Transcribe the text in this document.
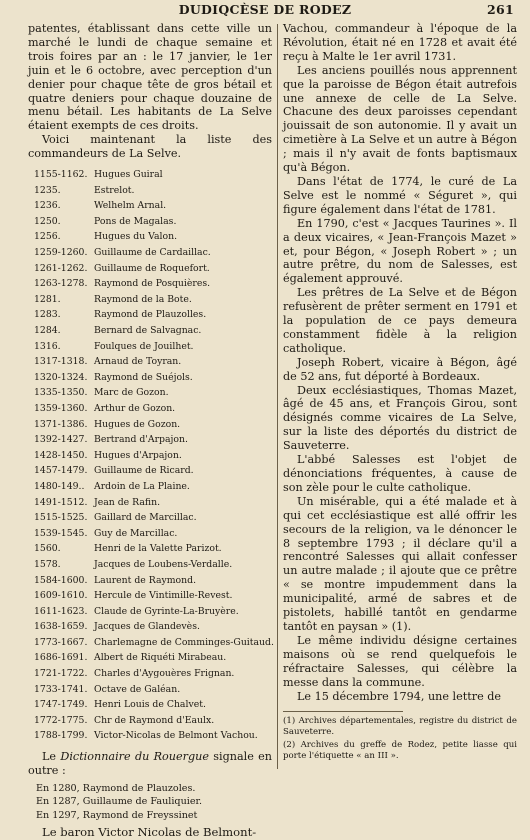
DUDIQCÈSE DE RODEZ	261

patentes, établissant dans cette ville un marché le lundi de chaque semaine et trois foires par an : le 17 janvier, le 1er juin et le 6 octobre, avec perception d'un denier pour chaque tête de gros bétail et quatre deniers pour chaque douzaine de menu bétail. Les habitants de La Selve étaient exempts de ces droits.

Voici maintenant la liste des commandeurs de La Selve.

1155-1162. Hugues Guiral
1235.	Estrelot.
1236.	Welhelm Arnal.
1250.	Pons de Magalas.
1256.	Hugues du Valon.
1259-1260. Guillaume de Cardaillac.
1261-1262. Guillaume de Roquefort.
1263-1278. Raymond de Posquières.
1281.	Raymond de la Bote.
1283.	Raymond de Plauzolles.
1284.	Bernard de Salvagnac.
1316.	Foulques de Jouilhet.
1317-1318. Arnaud de Toyran.
1320-1324. Raymond de Suéjols.
1335-1350. Marc de Gozon.
1359-1360. Arthur de Gozon.
1371-1386. Hugues de Gozon.
1392-1427. Bertrand d'Arpajon.
1428-1450. Hugues d'Arpajon.
1457-1479. Guillaume de Ricard.
1480-149..	Ardoin de La Plaine.
1491-1512. Jean de Rafin.
1515-1525. Gaillard de Marcillac.
1539-1545. Guy de Marcillac.
1560.	Henri de la Valette Parizot.
1578.	Jacques de Loubens-Verdalle.
1584-1600. Laurent de Raymond.
1609-1610. Hercule de Vintimille-Revest.
1611-1623. Claude de Gyrinte-La-Bruyère.
1638-1659. Jacques de Glandevès.
1773-1667. Charlemagne de Comminges-Guitaud.
1686-1691. Albert de Riquéti Mirabeau.
1721-1722. Charles d'Aygouères Frignan.
1733-1741. Octave de Galéan.
1747-1749. Henri Louis de Chalvet.
1772-1775. Chr de Raymond d'Eaulx.
1788-1799. Victor-Nicolas de Belmont Vachou.

Le Dictionnaire du Rouergue signale en outre :

En 1280, Raymond de Plauzoles.
En 1287, Guillaume de Fauliquier.
En 1297, Raymond de Freyssinet

Le baron Victor Nicolas de Belmont-

Vachou, commandeur à l'époque de la Révolution, était né en 1728 et avait été reçu à Malte le 1er avril 1731.

Les anciens pouillés nous apprennent que la paroisse de Bégon était autrefois une annexe de celle de La Selve. Chacune des deux paroisses cependant jouissait de son autonomie. Il y avait un cimetière à La Selve et un autre à Bégon ; mais il n'y avait de fonts baptismaux qu'à Bégon.

Dans l'état de 1774, le curé de La Selve est le nommé « Séguret », qui figure également dans l'état de 1781.

En 1790, c'est « Jacques Taurines ». Il a deux vicaires, « Jean-François Mazet » et, pour Bégon, « Joseph Robert » ; un autre prêtre, du nom de Salesses, est également approuvé.

Les prêtres de La Selve et de Bégon refusèrent de prêter serment en 1791 et la population de ce pays demeura constamment fidèle à la religion catholique.

Joseph Robert, vicaire à Bégon, âgé de 52 ans, fut déporté à Bordeaux.

Deux ecclésiastiques, Thomas Mazet, âgé de 45 ans, et François Girou, sont désignés comme vicaires de La Selve, sur la liste des déportés du district de Sauveterre.

L'abbé Salesses est l'objet de dénonciations fréquentes, à cause de son zèle pour le culte catholique.

Un misérable, qui a été malade et à qui cet ecclésiastique est allé offrir les secours de la religion, va le dénoncer le 8 septembre 1793 ; il déclare qu'il a rencontré Salesses qui allait confesser un autre malade ; il ajoute que ce prêtre « se montre impudemment dans la municipalité, armé de sabres et de pistolets, habillé tantôt en gendarme tantôt en paysan » (1).

Le même individu désigne certaines maisons où se rend quelquefois le réfractaire Salesses, qui célèbre la messe dans la commune.

Le 15 décembre 1794, une lettre de

(1) Archives départementales, registre du district de Sauveterre.

(2) Archives du greffe de Rodez, petite liasse qui porte l'étiquette « an III ».
